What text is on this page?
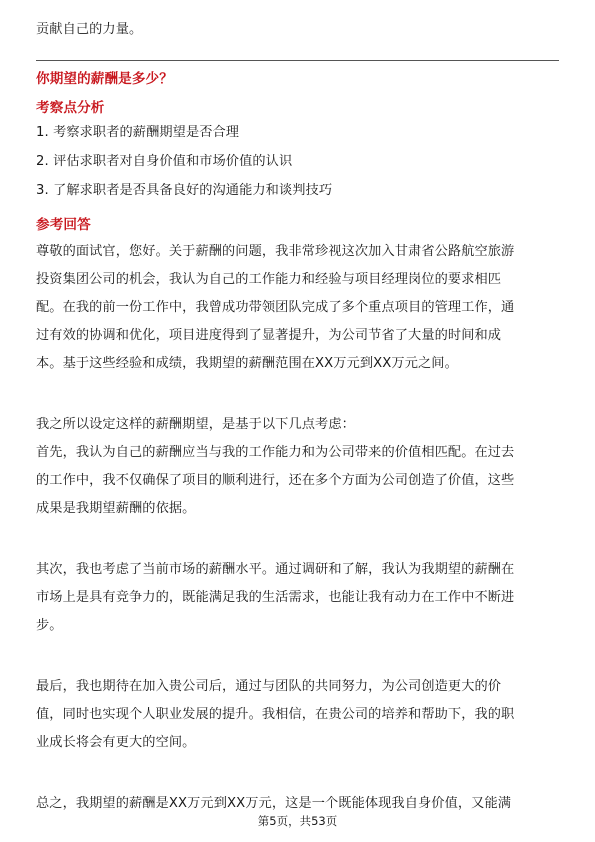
贡献自己的力量。
你期望的薪酬是多少？
考察点分析
1. 考察求职者的薪酬期望是否合理
2. 评估求职者对自身价值和市场价值的认识
3. 了解求职者是否具备良好的沟通能力和谈判技巧
参考回答
尊敬的面试官，您好。关于薪酬的问题，我非常珍视这次加入甘肃省公路航空旅游
投资集团公司的机会，我认为自己的工作能力和经验与项目经理岗位的要求相匹
配。在我的前一份工作中，我曾成功带领团队完成了多个重点项目的管理工作，通
过有效的协调和优化，项目进度得到了显著提升，为公司节省了大量的时间和成
本。基于这些经验和成绩，我期望的薪酬范围在XX万元到XX万元之间。
我之所以设定这样的薪酬期望，是基于以下几点考虑：
首先，我认为自己的薪酬应当与我的工作能力和为公司带来的价值相匹配。在过去
的工作中，我不仅确保了项目的顺利进行，还在多个方面为公司创造了价值，这些
成果是我期望薪酬的依据。
其次，我也考虑了当前市场的薪酬水平。通过调研和了解，我认为我期望的薪酬在
市场上是具有竞争力的，既能满足我的生活需求，也能让我有动力在工作中不断进
步。
最后，我也期待在加入贵公司后，通过与团队的共同努力，为公司创造更大的价
值，同时也实现个人职业发展的提升。我相信，在贵公司的培养和帮助下，我的职
业成长将会有更大的空间。
总之，我期望的薪酬是XX万元到XX万元，这是一个既能体现我自身价值，又能满
第5页，共53页
